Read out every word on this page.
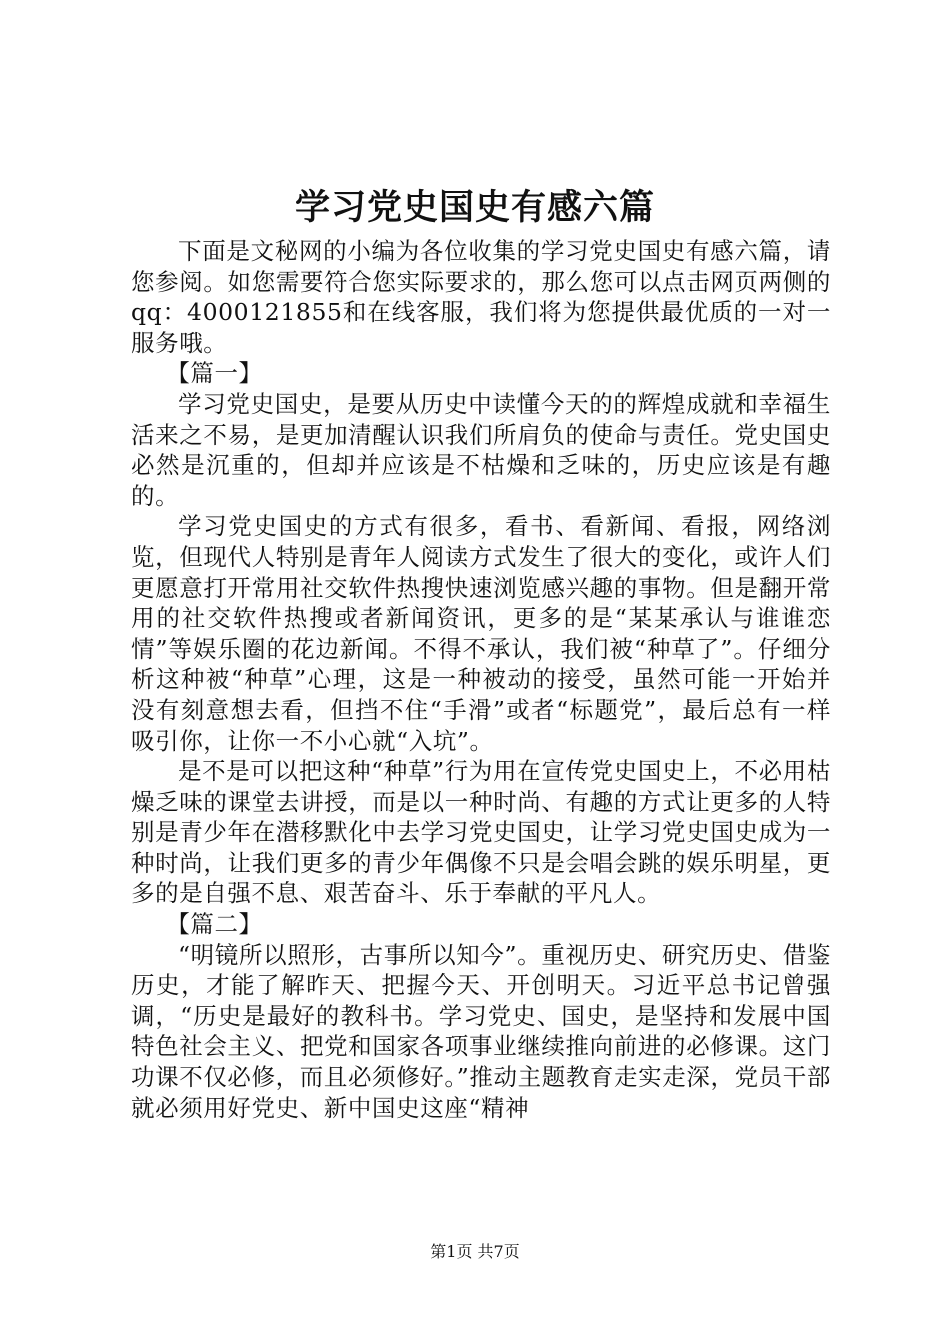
学习党史国史有感六篇

下面是文秘网的小编为各位收集的学习党史国史有感六篇，请您参阅。如您需要符合您实际要求的，那么您可以点击网页两侧的qq：4000121855和在线客服，我们将为您提供最优质的一对一服务哦。

【篇一】

学习党史国史，是要从历史中读懂今天的的辉煌成就和幸福生活来之不易，是更加清醒认识我们所肩负的使命与责任。党史国史必然是沉重的，但却并应该是不枯燥和乏味的，历史应该是有趣的。

学习党史国史的方式有很多，看书、看新闻、看报，网络浏览，但现代人特别是青年人阅读方式发生了很大的变化，或许人们更愿意打开常用社交软件热搜快速浏览感兴趣的事物。但是翻开常用的社交软件热搜或者新闻资讯，更多的是“某某承认与谁谁恋情”等娱乐圈的花边新闻。不得不承认，我们被“种草了”。仔细分析这种被“种草”心理，这是一种被动的接受，虽然可能一开始并没有刻意想去看，但挡不住“手滑”或者“标题党”，最后总有一样吸引你，让你一不小心就“入坑”。

是不是可以把这种“种草”行为用在宣传党史国史上，不必用枯燥乏味的课堂去讲授，而是以一种时尚、有趣的方式让更多的人特别是青少年在潜移默化中去学习党史国史，让学习党史国史成为一种时尚，让我们更多的青少年偶像不只是会唱会跳的娱乐明星，更多的是自强不息、艰苦奋斗、乐于奉献的平凡人。

【篇二】

“明镜所以照形，古事所以知今”。重视历史、研究历史、借鉴历史，才能了解昨天、把握今天、开创明天。习近平总书记曾强调，“历史是最好的教科书。学习党史、国史，是坚持和发展中国特色社会主义、把党和国家各项事业继续推向前进的必修课。这门功课不仅必修，而且必须修好。”推动主题教育走实走深，党员干部就必须用好党史、新中国史这座“精神

第1页 共7页
